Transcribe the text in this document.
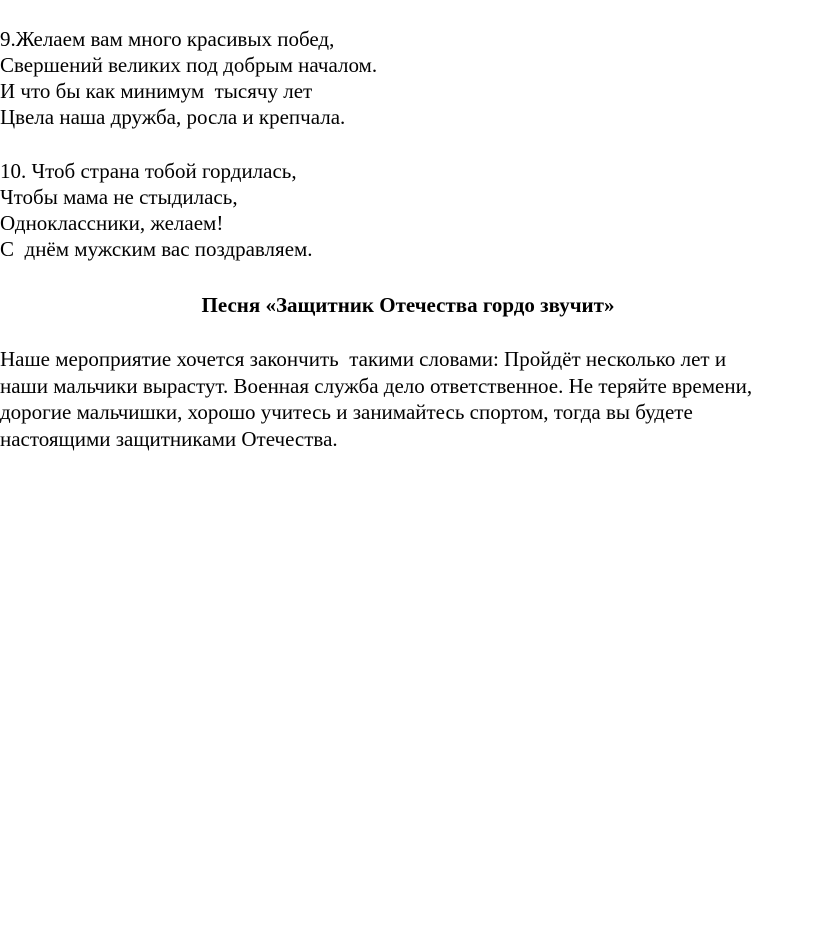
9.Желаем вам много красивых побед,
Свершений великих под добрым началом.
И что бы как минимум  тысячу лет
Цвела наша дружба, росла и крепчала.

10. Чтоб страна тобой гордилась,
Чтобы мама не стыдилась,
Одноклассники, желаем!
С  днём мужским вас поздравляем.

Песня «Защитник Отечества гордо звучит»

Наше мероприятие хочется закончить  такими словами: Пройдёт несколько лет и
наши мальчики вырастут. Военная служба дело ответственное. Не теряйте времени,
дорогие мальчишки, хорошо учитесь и занимайтесь спортом, тогда вы будете
настоящими защитниками Отечества.
